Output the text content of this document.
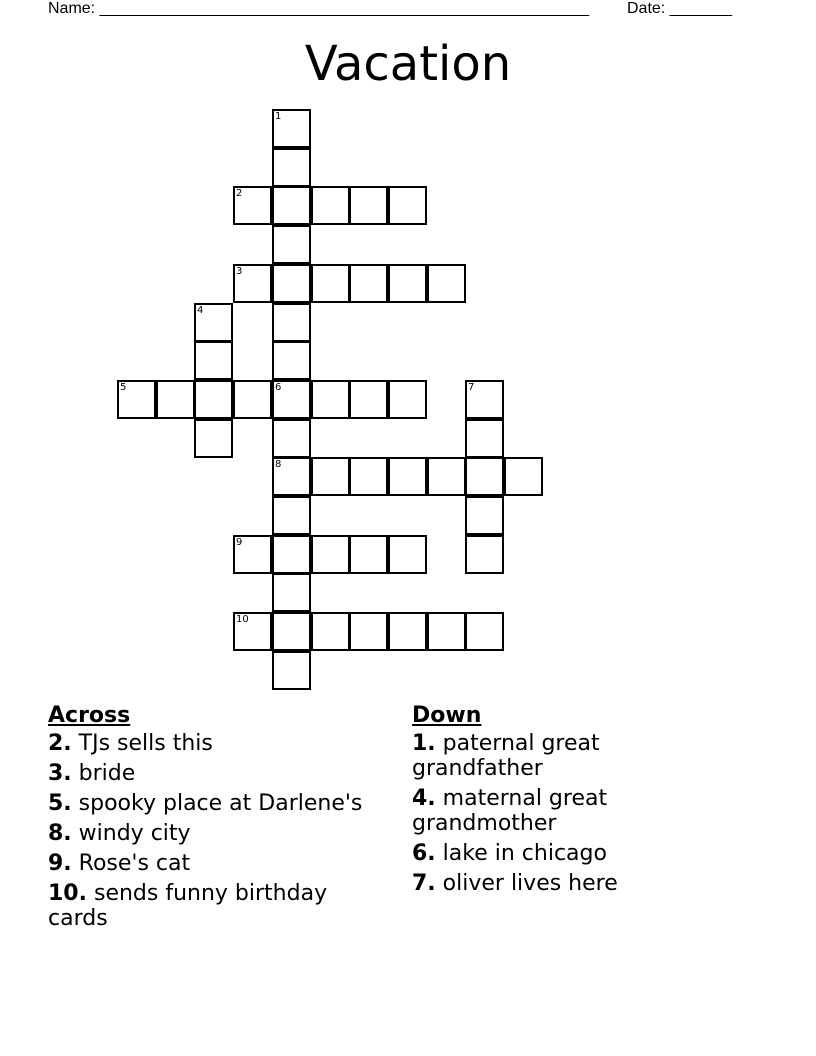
Name: _______________________________________________________ Date: _______
Vacation
2
3
5	6
8
9
10
1
4
7
Across
2. TJs sells this
3. bride
5. spooky place at Darlene's
8. windy city
9. Rose's cat
10. sends funny birthday cards
Down
1. paternal great grandfather
4. maternal great grandmother
6. lake in chicago
7. oliver lives here
